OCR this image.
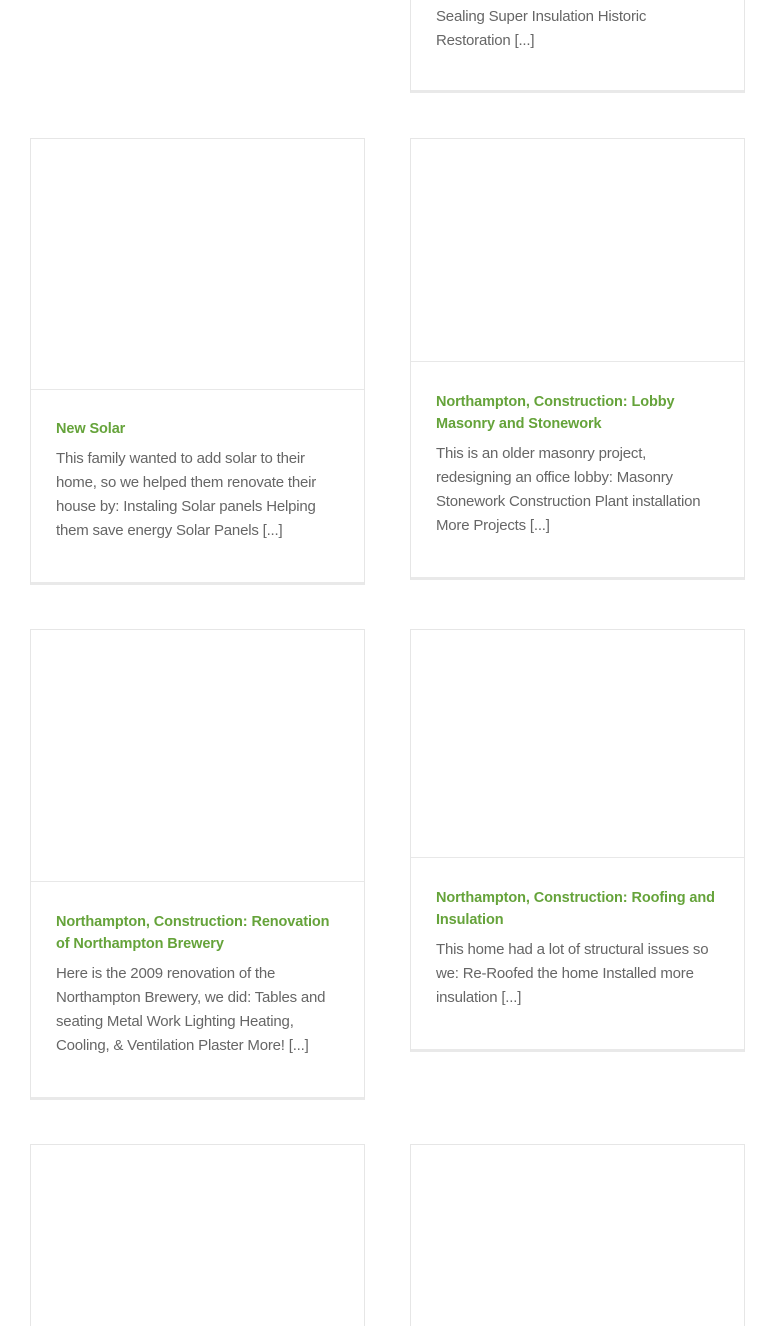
Sealing Super Insulation Historic Restoration [...]

New Solar

This family wanted to add solar to their home, so we helped them renovate their house by: Instaling Solar panels Helping them save energy Solar Panels [...]

Northampton, Construction: Lobby Masonry and Stonework

This is an older masonry project, redesigning an office lobby: Masonry Stonework Construction Plant installation More Projects [...]

Northampton, Construction: Renovation of Northampton Brewery

Here is the 2009 renovation of the Northampton Brewery, we did: Tables and seating Metal Work Lighting Heating, Cooling, & Ventilation Plaster More! [...]

Northampton, Construction: Roofing and Insulation

This home had a lot of structural issues so we: Re-Roofed the home Installed more insulation [...]
